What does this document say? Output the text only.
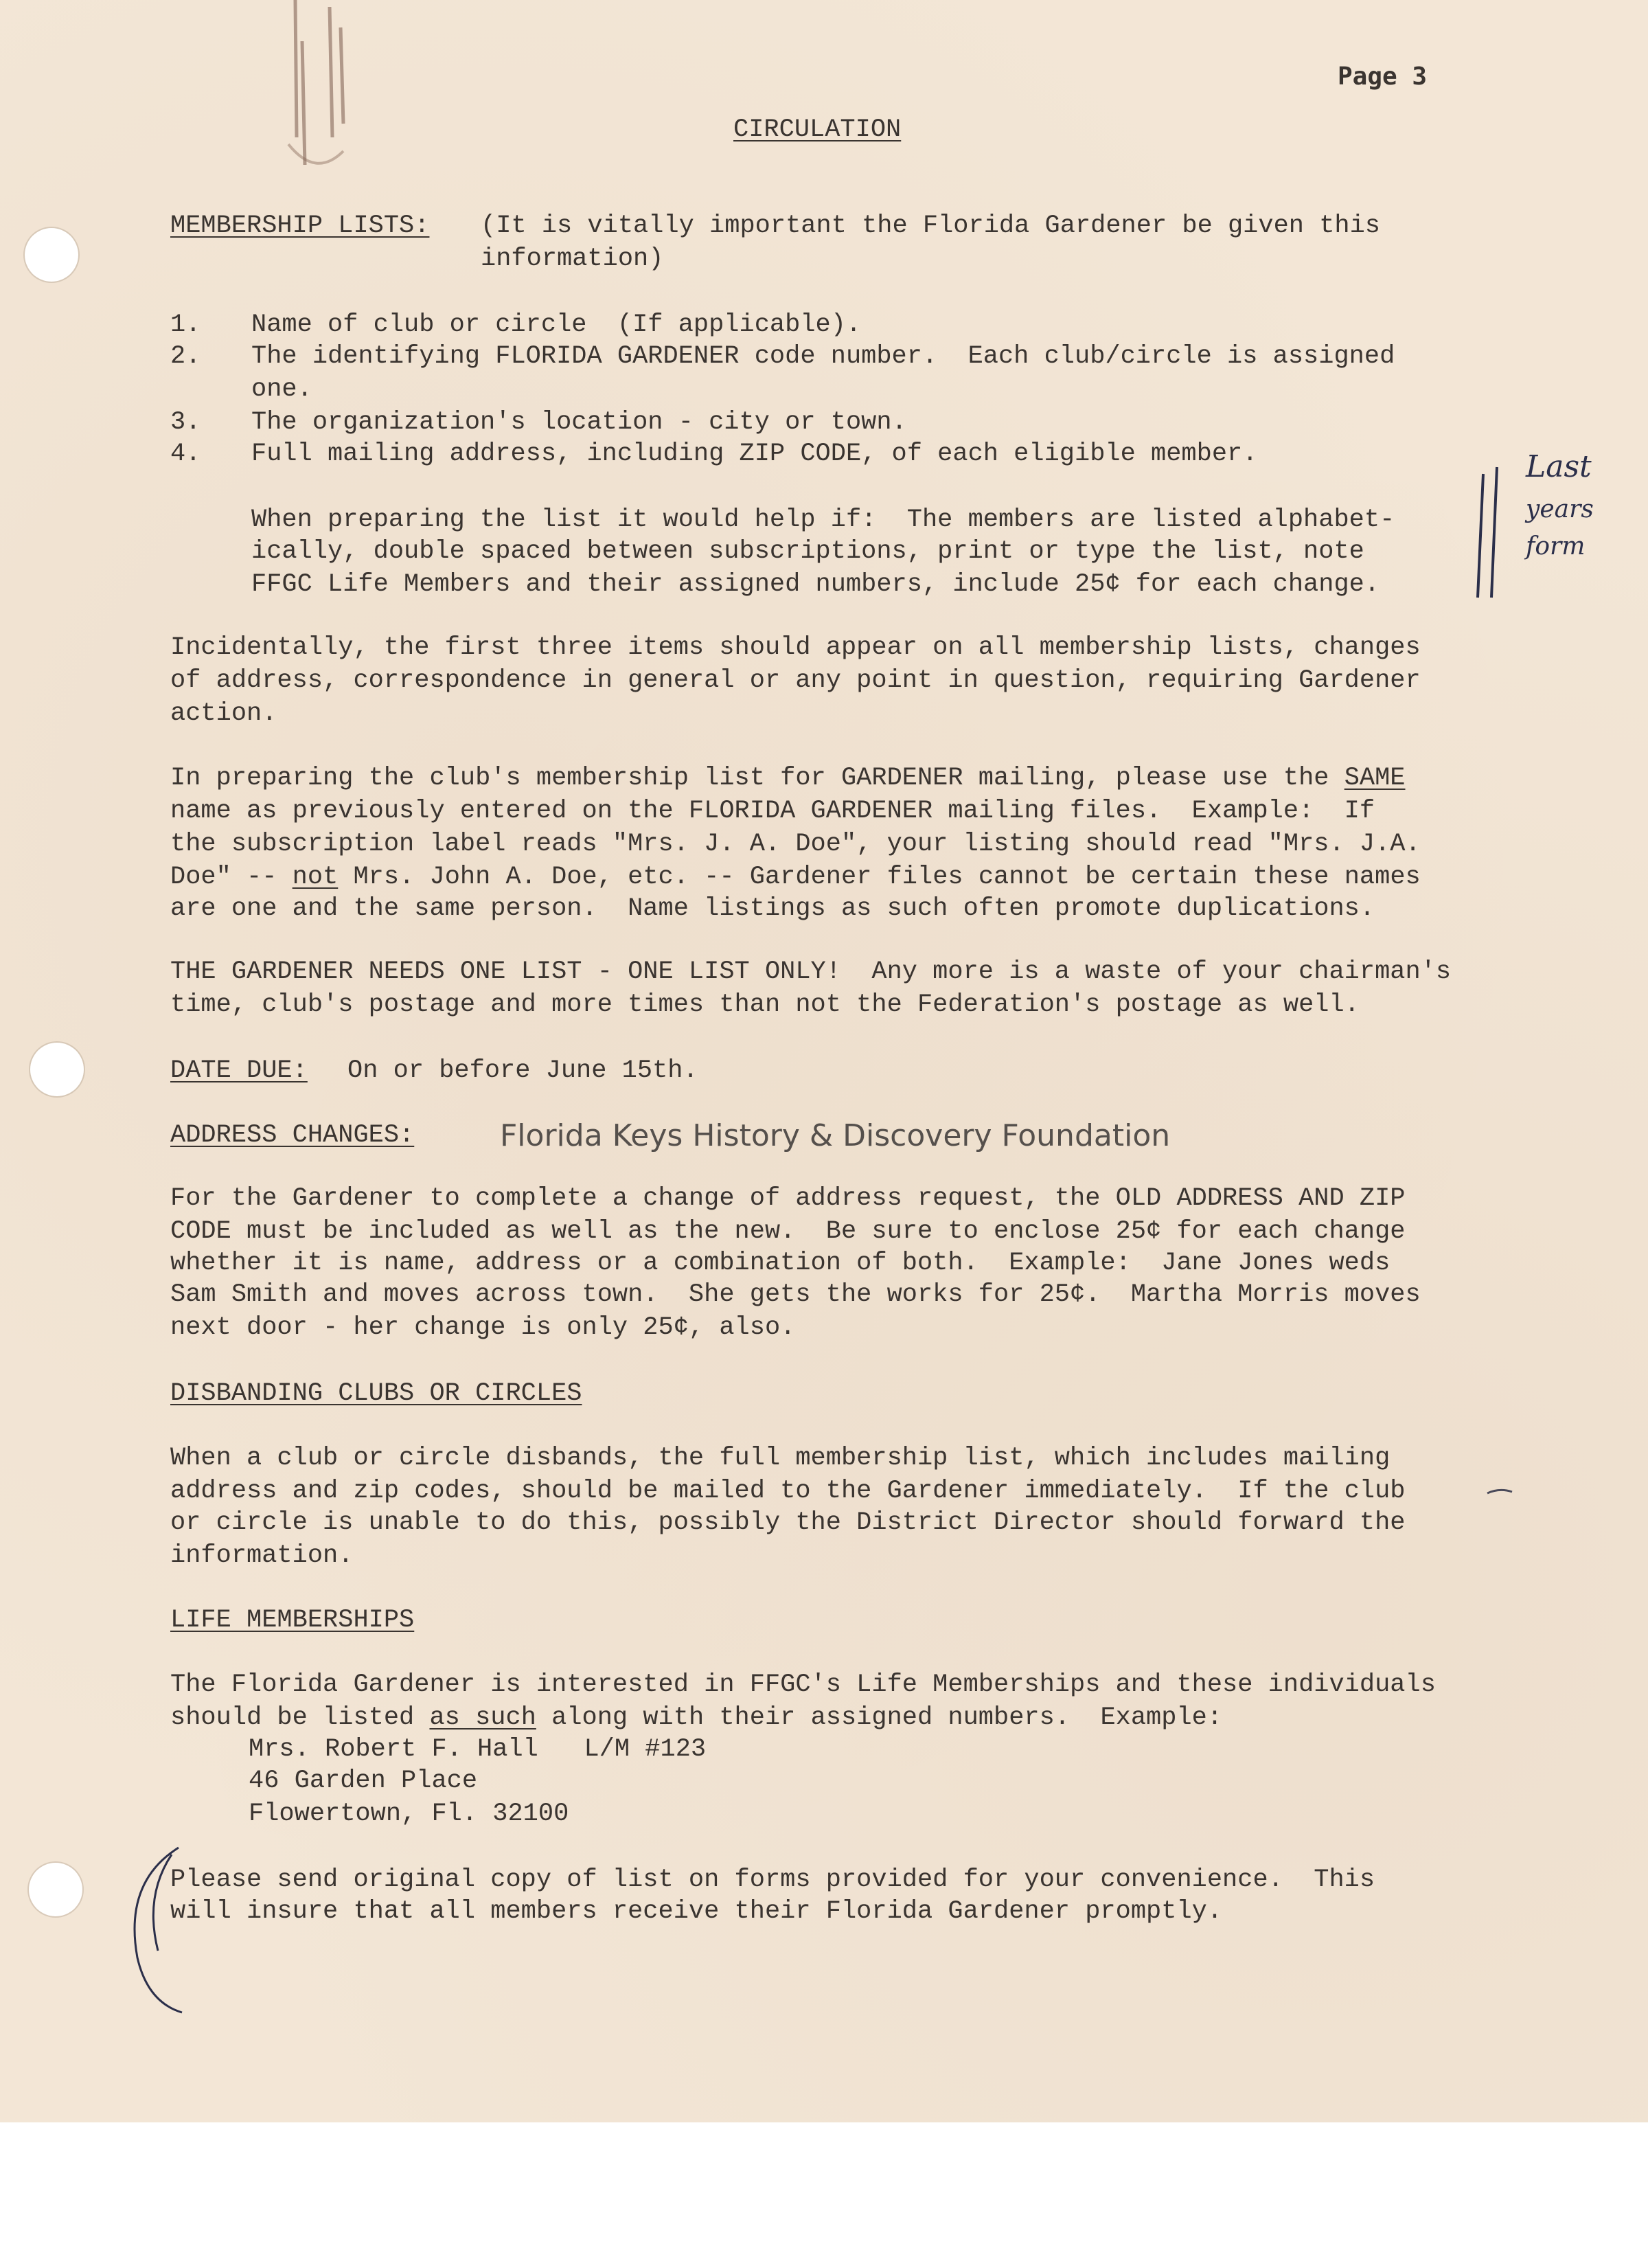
Page 3
CIRCULATION
MEMBERSHIP LISTS: (It is vitally important the Florida Gardener be given this
information)
1. Name of club or circle  (If applicable).
2. The identifying FLORIDA GARDENER code number.  Each club/circle is assigned
one.
3. The organization's location - city or town.
4. Full mailing address, including ZIP CODE, of each eligible member.
When preparing the list it would help if:  The members are listed alphabet-
ically, double spaced between subscriptions, print or type the list, note
FFGC Life Members and their assigned numbers, include 25¢ for each change.
Last
years
form
Incidentally, the first three items should appear on all membership lists, changes
of address, correspondence in general or any point in question, requiring Gardener
action.
In preparing the club's membership list for GARDENER mailing, please use the SAME
name as previously entered on the FLORIDA GARDENER mailing files.  Example:  If
the subscription label reads "Mrs. J. A. Doe", your listing should read "Mrs. J.A.
Doe" -- not Mrs. John A. Doe, etc. -- Gardener files cannot be certain these names
are one and the same person.  Name listings as such often promote duplications.
THE GARDENER NEEDS ONE LIST - ONE LIST ONLY!  Any more is a waste of your chairman's
time, club's postage and more times than not the Federation's postage as well.
DATE DUE: On or before June 15th.
ADDRESS CHANGES:	Florida Keys History & Discovery Foundation
For the Gardener to complete a change of address request, the OLD ADDRESS AND ZIP
CODE must be included as well as the new.  Be sure to enclose 25¢ for each change
whether it is name, address or a combination of both.  Example:  Jane Jones weds
Sam Smith and moves across town.  She gets the works for 25¢.  Martha Morris moves
next door - her change is only 25¢, also.
DISBANDING CLUBS OR CIRCLES
When a club or circle disbands, the full membership list, which includes mailing
address and zip codes, should be mailed to the Gardener immediately.  If the club
or circle is unable to do this, possibly the District Director should forward the
information.
LIFE MEMBERSHIPS
The Florida Gardener is interested in FFGC's Life Memberships and these individuals
should be listed as such along with their assigned numbers.  Example:
Mrs. Robert F. Hall   L/M #123
46 Garden Place
Flowertown, Fl. 32100
Please send original copy of list on forms provided for your convenience.  This
will insure that all members receive their Florida Gardener promptly.
